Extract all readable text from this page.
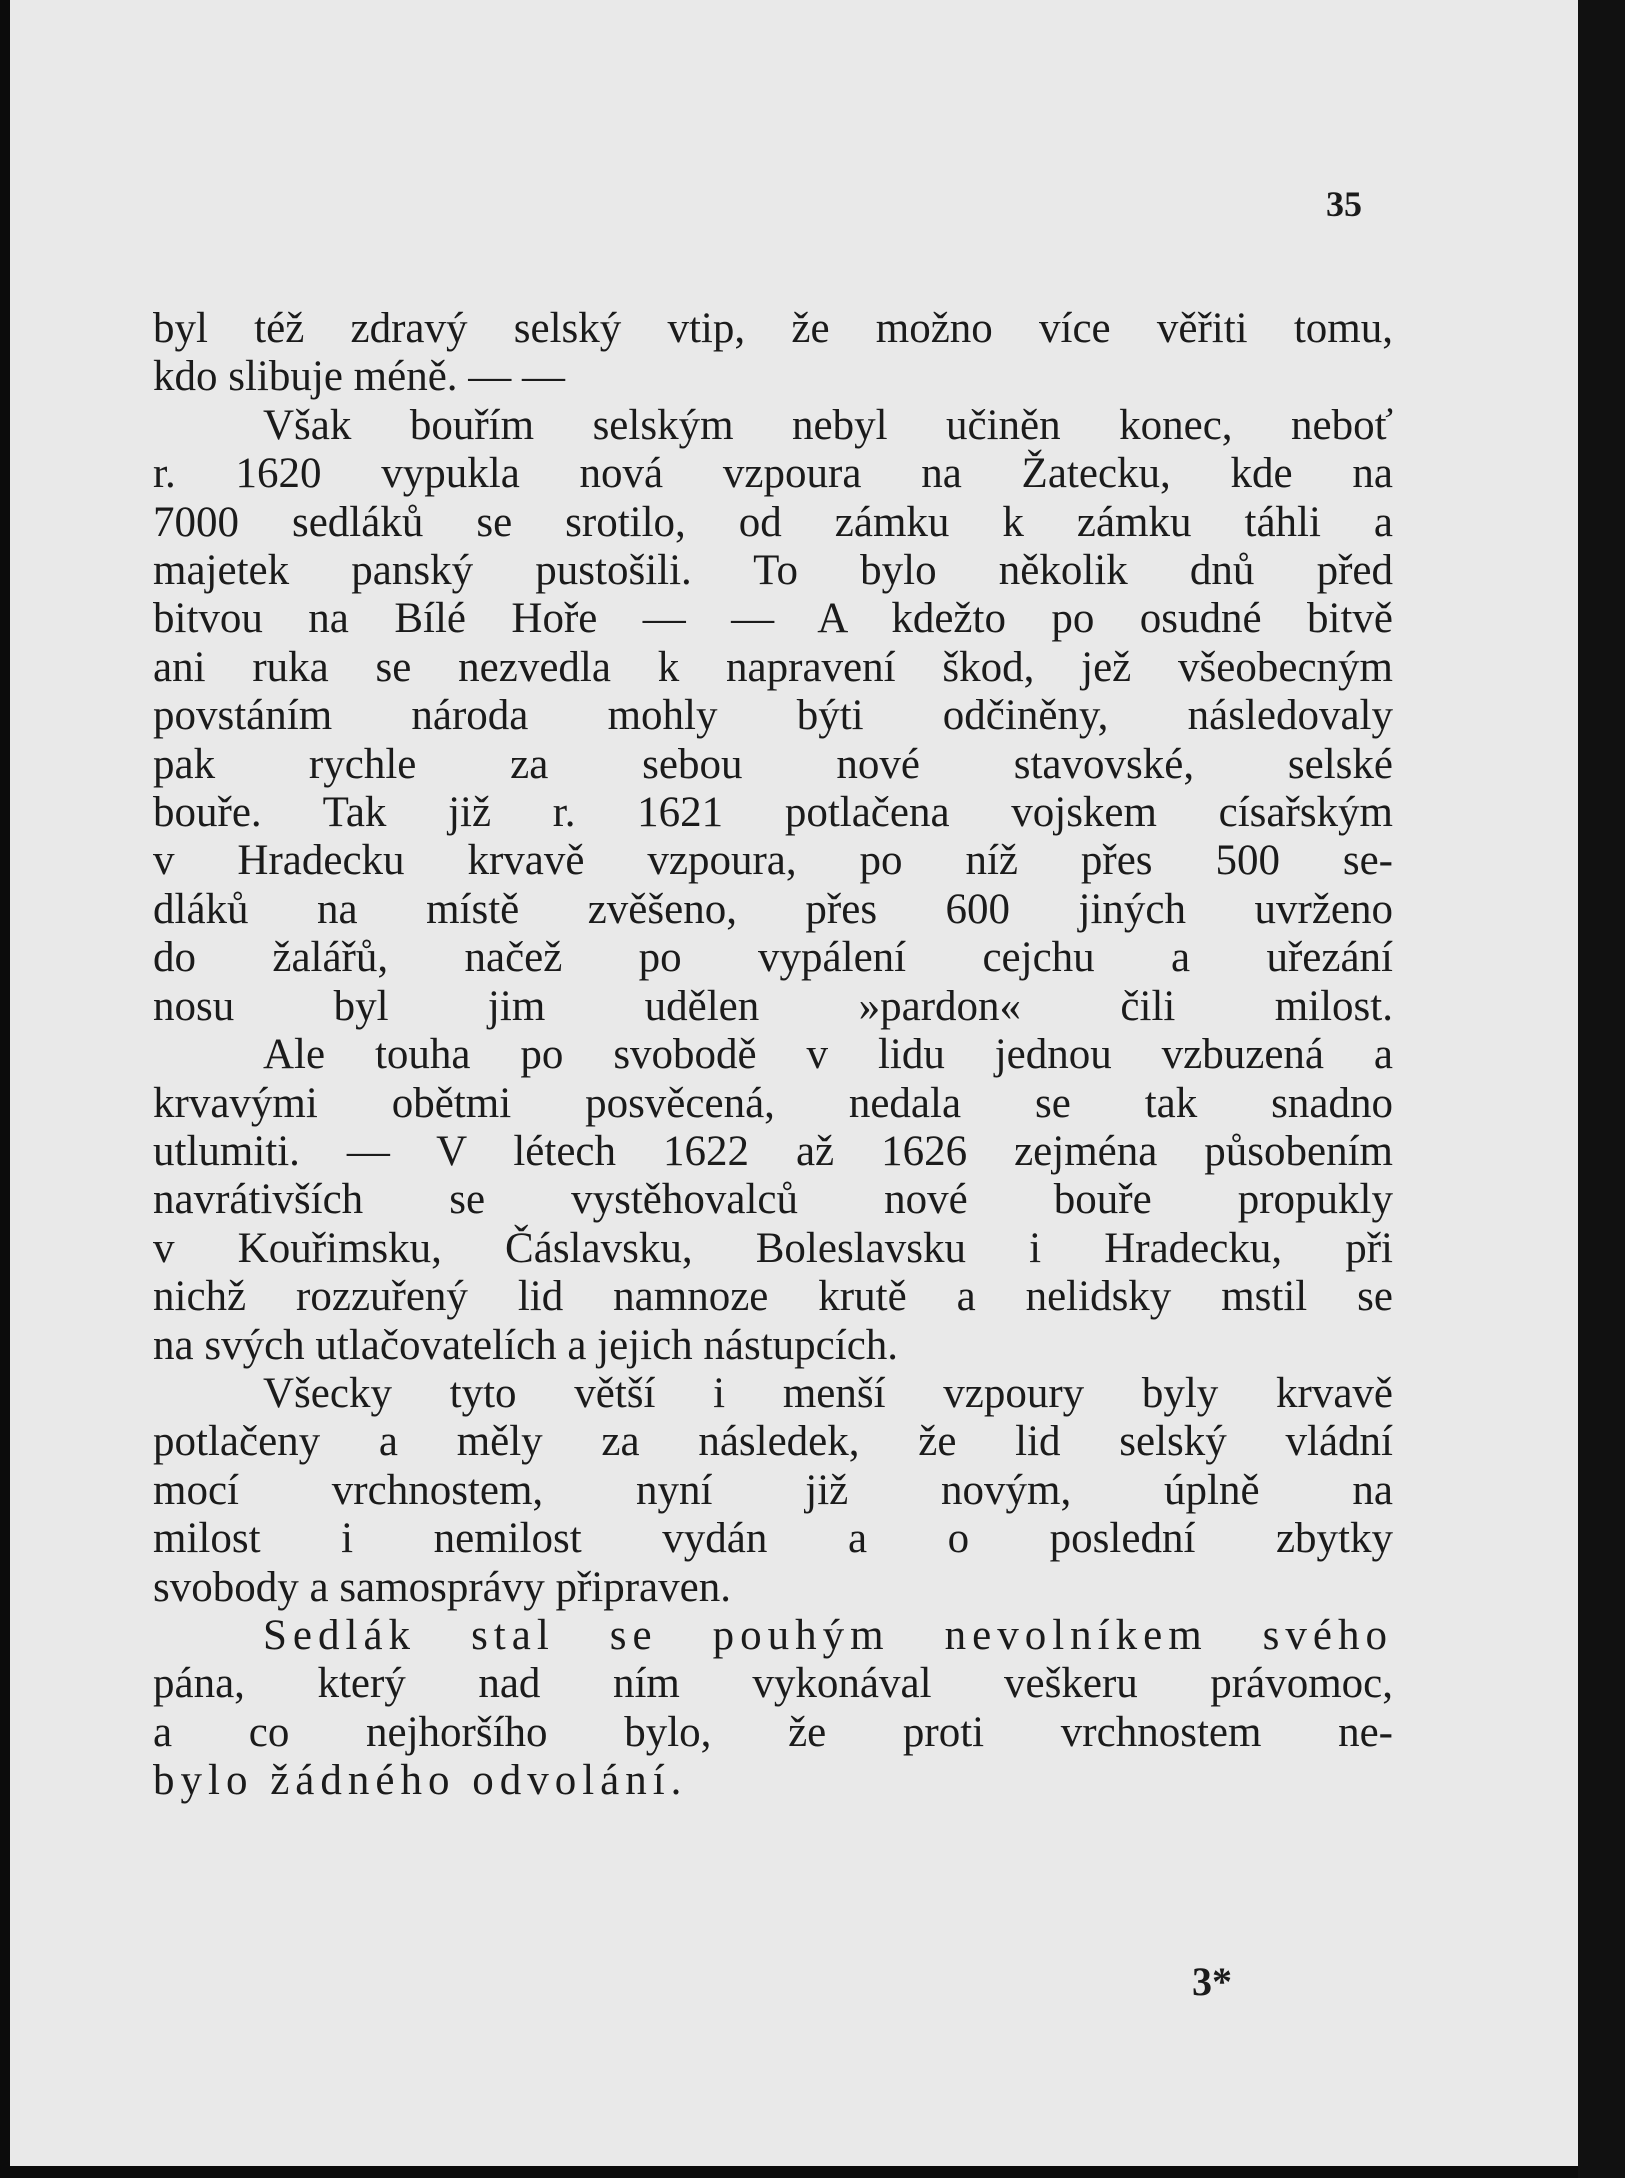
35
byl též zdravý selský vtip, že možno více věřiti tomu,
kdo slibuje méně. — —
Však bouřím selským nebyl učiněn konec, neboť
r. 1620 vypukla nová vzpoura na Žatecku, kde na
7000 sedláků se srotilo, od zámku k zámku táhli a
majetek panský pustošili. To bylo několik dnů před
bitvou na Bílé Hoře — — A kdežto po osudné bitvě
ani ruka se nezvedla k napravení škod, jež všeobecným
povstáním národa mohly býti odčiněny, následovaly
pak rychle za sebou nové stavovské, selské
bouře. Tak již r. 1621 potlačena vojskem císařským
v Hradecku krvavě vzpoura, po níž přes 500 se-
dláků na místě zvěšeno, přes 600 jiných uvrženo
do žalářů, načež po vypálení cejchu a uřezání
nosu byl jim udělen »pardon« čili milost.
Ale touha po svobodě v lidu jednou vzbuzená a
krvavými obětmi posvěcená, nedala se tak snadno
utlumiti. — V létech 1622 až 1626 zejména působením
navrátivších se vystěhovalců nové bouře propukly
v Kouřimsku, Čáslavsku, Boleslavsku i Hradecku, při
nichž rozzuřený lid namnoze krutě a nelidsky mstil se
na svých utlačovatelích a jejich nástupcích.
Všecky tyto větší i menší vzpoury byly krvavě
potlačeny a měly za následek, že lid selský vládní
mocí vrchnostem, nyní již novým, úplně na
milost i nemilost vydán a o poslední zbytky
svobody a samosprávy připraven.
Sedlák stal se pouhým nevolníkem svého
pána, který nad ním vykonával veškeru právomoc,
a co nejhoršího bylo, že proti vrchnostem ne-
bylo žádného odvolání.
3*
